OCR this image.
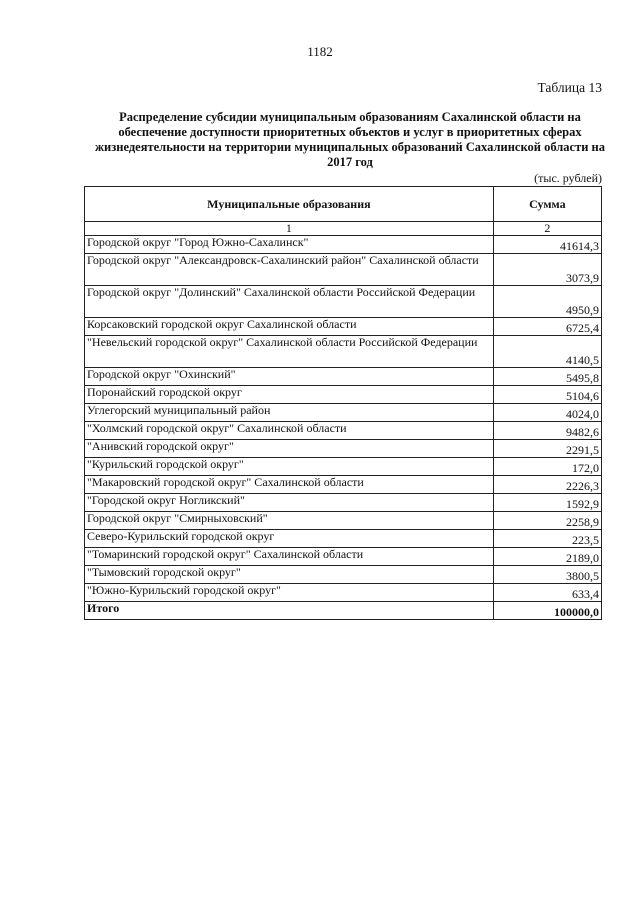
1182
Таблица 13
Распределение субсидии муниципальным образованиям Сахалинской области на обеспечение доступности приоритетных объектов и услуг в приоритетных сферах жизнедеятельности на территории муниципальных образований Сахалинской области на 2017 год
(тыс. рублей)
Муниципальные образования	Сумма
1	2
Городской округ "Город Южно-Сахалинск"	41614,3
Городской округ "Александровск-Сахалинский район" Сахалинской области	3073,9
Городской округ "Долинский" Сахалинской области Российской Федерации	4950,9
Корсаковский городской округ Сахалинской области	6725,4
"Невельский городской округ" Сахалинской области Российской Федерации	4140,5
Городской округ "Охинский"	5495,8
Поронайский городской округ	5104,6
Углегорский муниципальный район	4024,0
"Холмский городской округ" Сахалинской области	9482,6
"Анивский городской округ"	2291,5
"Курильский городской округ"	172,0
"Макаровский городской округ" Сахалинской области	2226,3
"Городской округ Ногликский"	1592,9
Городской округ "Смирныховский"	2258,9
Северо-Курильский городской округ	223,5
"Томаринский городской округ" Сахалинской области	2189,0
"Тымовский городской округ"	3800,5
"Южно-Курильский городской округ"	633,4
Итого	100000,0
